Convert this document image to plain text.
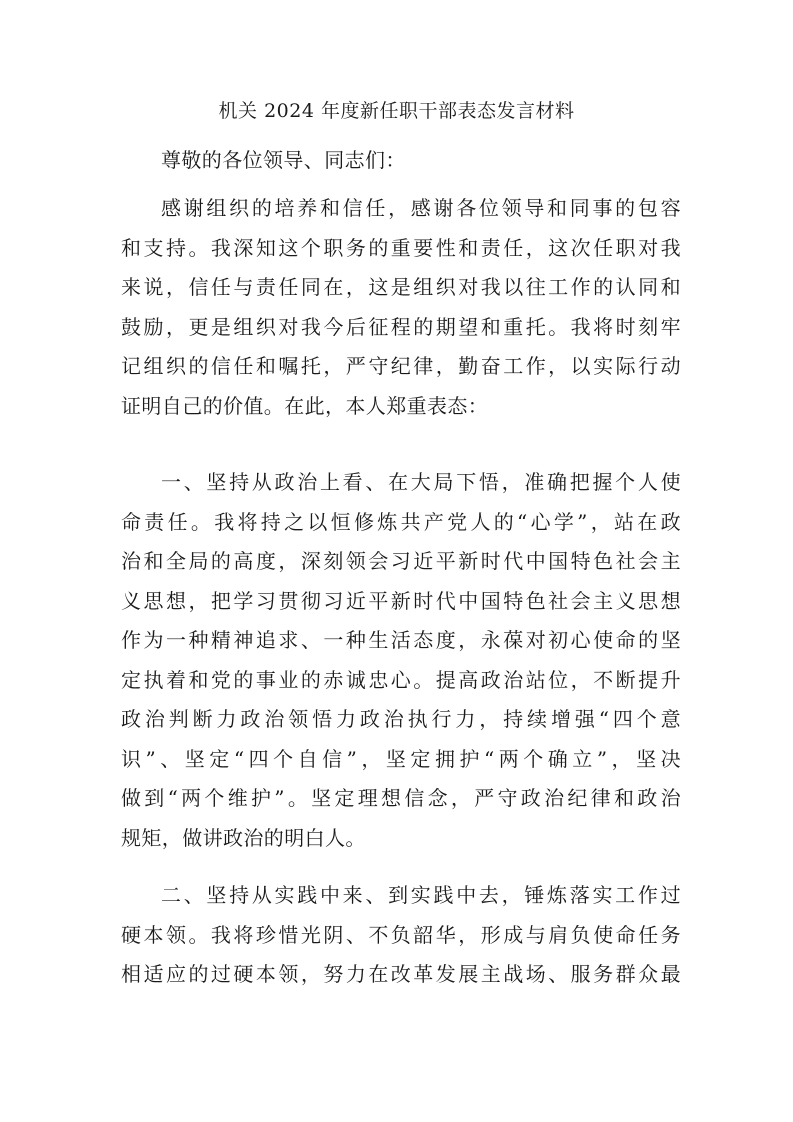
机关 2024 年度新任职干部表态发言材料
尊敬的各位领导、同志们：
感谢组织的培养和信任，感谢各位领导和同事的包容
和支持。我深知这个职务的重要性和责任，这次任职对我
来说，信任与责任同在，这是组织对我以往工作的认同和
鼓励，更是组织对我今后征程的期望和重托。我将时刻牢
记组织的信任和嘱托，严守纪律，勤奋工作，以实际行动
证明自己的价值。在此，本人郑重表态：
一、坚持从政治上看、在大局下悟，准确把握个人使
命责任。我将持之以恒修炼共产党人的“心学”，站在政
治和全局的高度，深刻领会习近平新时代中国特色社会主
义思想，把学习贯彻习近平新时代中国特色社会主义思想
作为一种精神追求、一种生活态度，永葆对初心使命的坚
定执着和党的事业的赤诚忠心。提高政治站位，不断提升
政治判断力政治领悟力政治执行力，持续增强“四个意
识”、坚定“四个自信”，坚定拥护“两个确立”，坚决
做到“两个维护”。坚定理想信念，严守政治纪律和政治
规矩，做讲政治的明白人。
二、坚持从实践中来、到实践中去，锤炼落实工作过
硬本领。我将珍惜光阴、不负韶华，形成与肩负使命任务
相适应的过硬本领，努力在改革发展主战场、服务群众最
